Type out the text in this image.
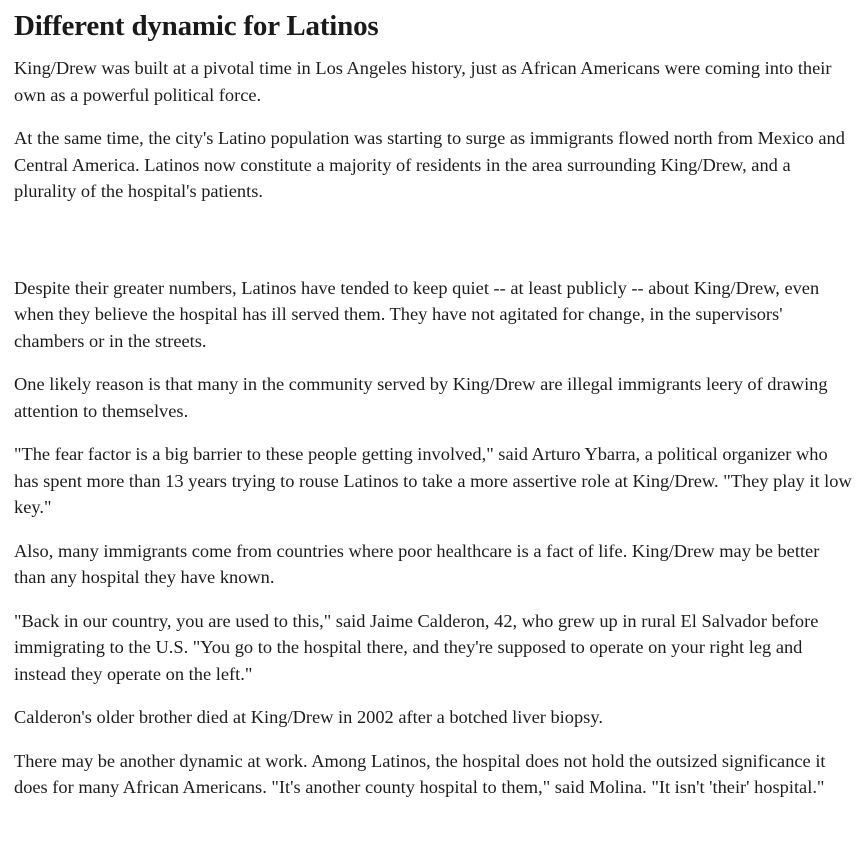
Different dynamic for Latinos

King/Drew was built at a pivotal time in Los Angeles history, just as African Americans were coming into their own as a powerful political force.

At the same time, the city's Latino population was starting to surge as immigrants flowed north from Mexico and Central America. Latinos now constitute a majority of residents in the area surrounding King/Drew, and a plurality of the hospital's patients.

Despite their greater numbers, Latinos have tended to keep quiet -- at least publicly -- about King/Drew, even when they believe the hospital has ill served them. They have not agitated for change, in the supervisors' chambers or in the streets.

One likely reason is that many in the community served by King/Drew are illegal immigrants leery of drawing attention to themselves.

"The fear factor is a big barrier to these people getting involved," said Arturo Ybarra, a political organizer who has spent more than 13 years trying to rouse Latinos to take a more assertive role at King/Drew. "They play it low key."

Also, many immigrants come from countries where poor healthcare is a fact of life. King/Drew may be better than any hospital they have known.

"Back in our country, you are used to this," said Jaime Calderon, 42, who grew up in rural El Salvador before immigrating to the U.S. "You go to the hospital there, and they're supposed to operate on your right leg and instead they operate on the left."

Calderon's older brother died at King/Drew in 2002 after a botched liver biopsy.

There may be another dynamic at work. Among Latinos, the hospital does not hold the outsized significance it does for many African Americans. "It's another county hospital to them," said Molina. "It isn't 'their' hospital."
